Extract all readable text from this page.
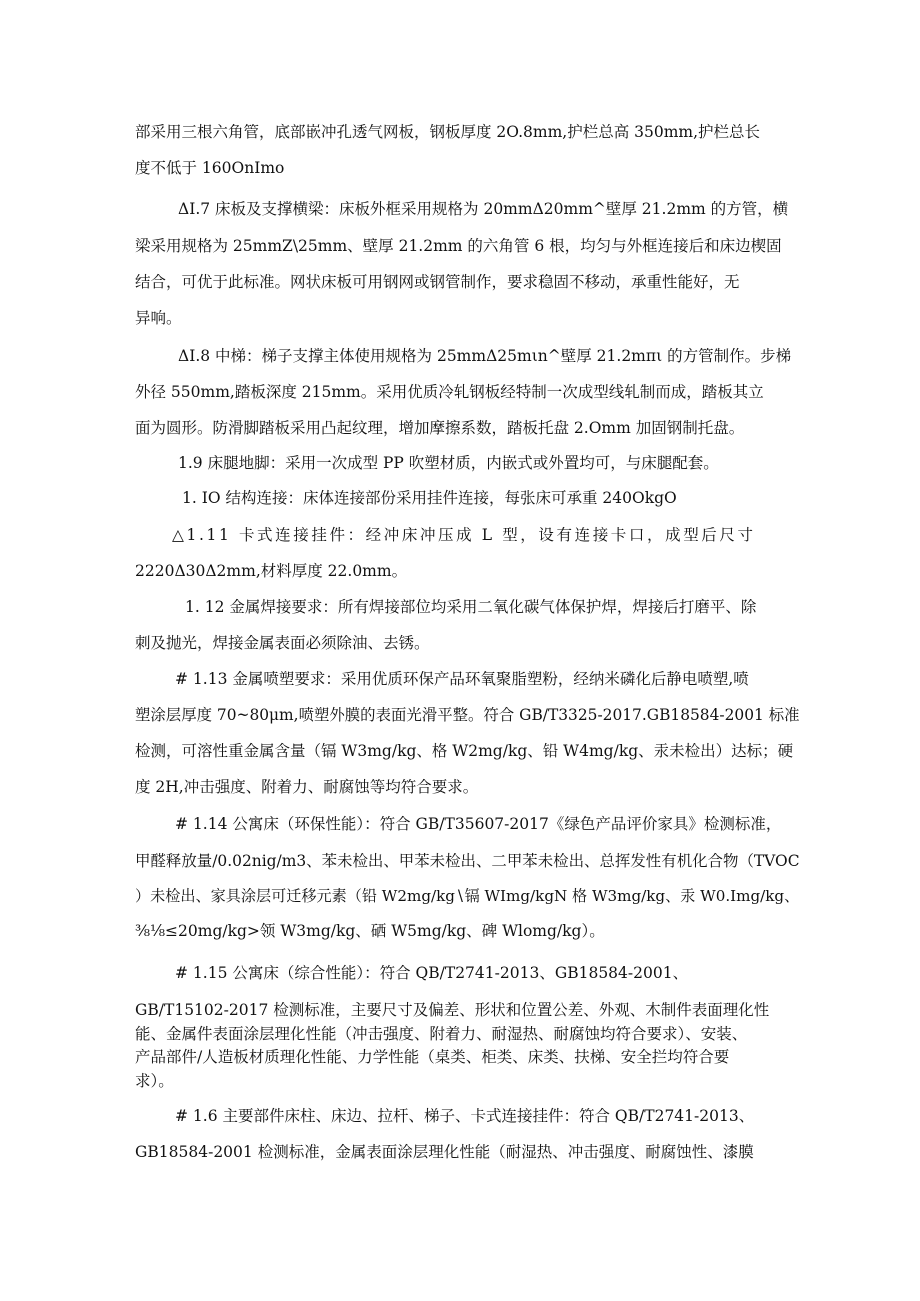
部采用三根六角管，底部嵌冲孔透气网板，钢板厚度 2O.8mm,护栏总高 350mm,护栏总长
度不低于 160OnImo
ΔI.7 床板及支撑横梁：床板外框采用规格为 20mmΔ20mm^壁厚 21.2mm 的方管，横
梁采用规格为 25mmZ\25mm、壁厚 21.2mm 的六角管 6 根，均匀与外框连接后和床边楔固
结合，可优于此标准。网状床板可用钢网或钢管制作，要求稳固不移动，承重性能好，无
异响。
ΔI.8 中梯：梯子支撑主体使用规格为 25mmΔ25mιn^壁厚 21.2mπι 的方管制作。步梯
外径 550mm,踏板深度 215mm。采用优质冷轧钢板经特制一次成型线轧制而成，踏板其立
面为圆形。防滑脚踏板采用凸起纹理，增加摩擦系数，踏板托盘 2.Omm 加固钢制托盘。
1.9 床腿地脚：采用一次成型 PP 吹塑材质，内嵌式或外置均可，与床腿配套。
1. IO 结构连接：床体连接部份采用挂件连接，每张床可承重 240OkgO
△1.11 卡式连接挂件：经冲床冲压成 L 型，设有连接卡口，成型后尺寸
2220Δ30Δ2mm,材料厚度 22.0mm。
1. 12 金属焊接要求：所有焊接部位均采用二氧化碳气体保护焊，焊接后打磨平、除
刺及抛光，焊接金属表面必须除油、去锈。
# 1.13 金属喷塑要求：采用优质环保产品环氧聚脂塑粉，经纳米磷化后静电喷塑,喷
塑涂层厚度 70~80μm,喷塑外膜的表面光滑平整。符合 GB/T3325-2017.GB18584-2001 标准
检测，可溶性重金属含量（镉 W3mg/kg、格 W2mg/kg、铅 W4mg/kg、汞未检出）达标；硬
度 2H,冲击强度、附着力、耐腐蚀等均符合要求。
# 1.14 公寓床（环保性能）：符合 GB/T35607-2017《绿色产品评价家具》检测标准，
甲醛释放量/0.02nig/m3、苯未检出、甲苯未检出、二甲苯未检出、总挥发性有机化合物（TVOC
）未检出、家具涂层可迁移元素（铅 W2mg∕kg∖镉 WImg/kgN 格 W3mg/kg、汞 W0.Img/kg、
⅜⅛≤20mg∕kg>领 W3mg/kg、硒 W5mg/kg、碑 Wlomg/kg）。
# 1.15 公寓床（综合性能）：符合 QB/T2741-2013、GB18584-2001、
GB/T15102-2017 检测标准，主要尺寸及偏差、形状和位置公差、外观、木制件表面理化性
能、金属件表面涂层理化性能（冲击强度、附着力、耐湿热、耐腐蚀均符合要求）、安装、
产品部件/人造板材质理化性能、力学性能（桌类、柜类、床类、扶梯、安全拦均符合要
求）。
# 1.6 主要部件床柱、床边、拉杆、梯子、卡式连接挂件：符合 QB/T2741-2013、
GB18584-2001 检测标准，金属表面涂层理化性能（耐湿热、冲击强度、耐腐蚀性、漆膜
